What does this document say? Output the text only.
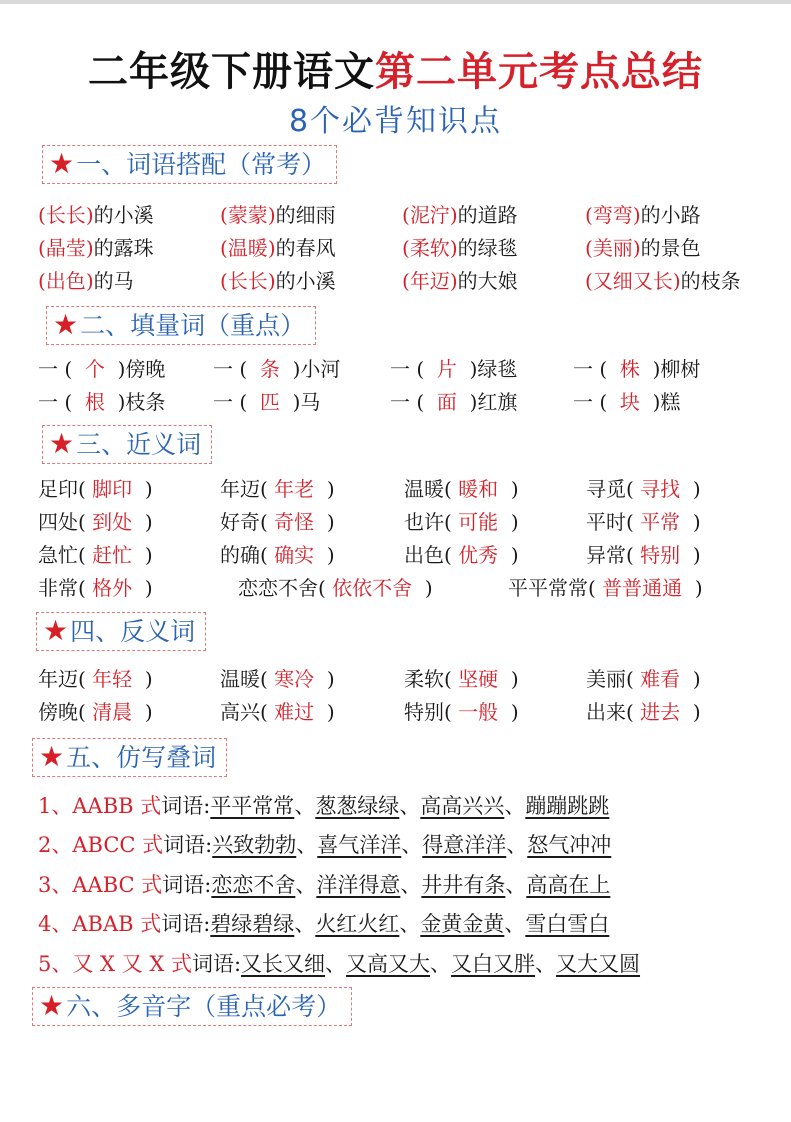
二年级下册语文第二单元考点总结
8个必背知识点
★一、词语搭配（常考）
(长长)的小溪	(蒙蒙)的细雨	(泥泞)的道路	(弯弯)的小路
(晶莹)的露珠	(温暖)的春风	(柔软)的绿毯	(美丽)的景色
(出色)的马	(长长)的小溪	(年迈)的大娘	(又细又长)的枝条
★二、填量词（重点）
一 (  个  )傍晚 一 (  条  )小河 一 (  片  )绿毯	一 (  株  )柳树
一 (  根  )枝条 一 (  匹  )马	一 (  面  )红旗	一 (  块  )糕
★三、近义词
足印( 脚印  )	年迈( 年老  )	温暖( 暖和  )	寻觅( 寻找  )
四处( 到处  )	好奇( 奇怪  )	也许( 可能  )	平时( 平常  )
急忙( 赶忙  )	的确( 确实  )	出色( 优秀  )	异常( 特别  )
非常( 格外  )	恋恋不舍( 依依不舍  )	平平常常( 普普通通  )
★四、反义词
年迈( 年轻  )	温暖( 寒冷  )	柔软( 坚硬  )	美丽( 难看  )
傍晚( 清晨  )	高兴( 难过  )	特别( 一般  )	出来( 进去  )
★五、仿写叠词
1、AABB 式词语:平平常常、葱葱绿绿、高高兴兴、蹦蹦跳跳
2、ABCC 式词语:兴致勃勃、喜气洋洋、得意洋洋、怒气冲冲
3、AABC 式词语:恋恋不舍、洋洋得意、井井有条、高高在上
4、ABAB 式词语:碧绿碧绿、火红火红、金黄金黄、雪白雪白
5、又 X 又 X 式词语:又长又细、又高又大、又白又胖、又大又圆
★六、多音字（重点必考）
